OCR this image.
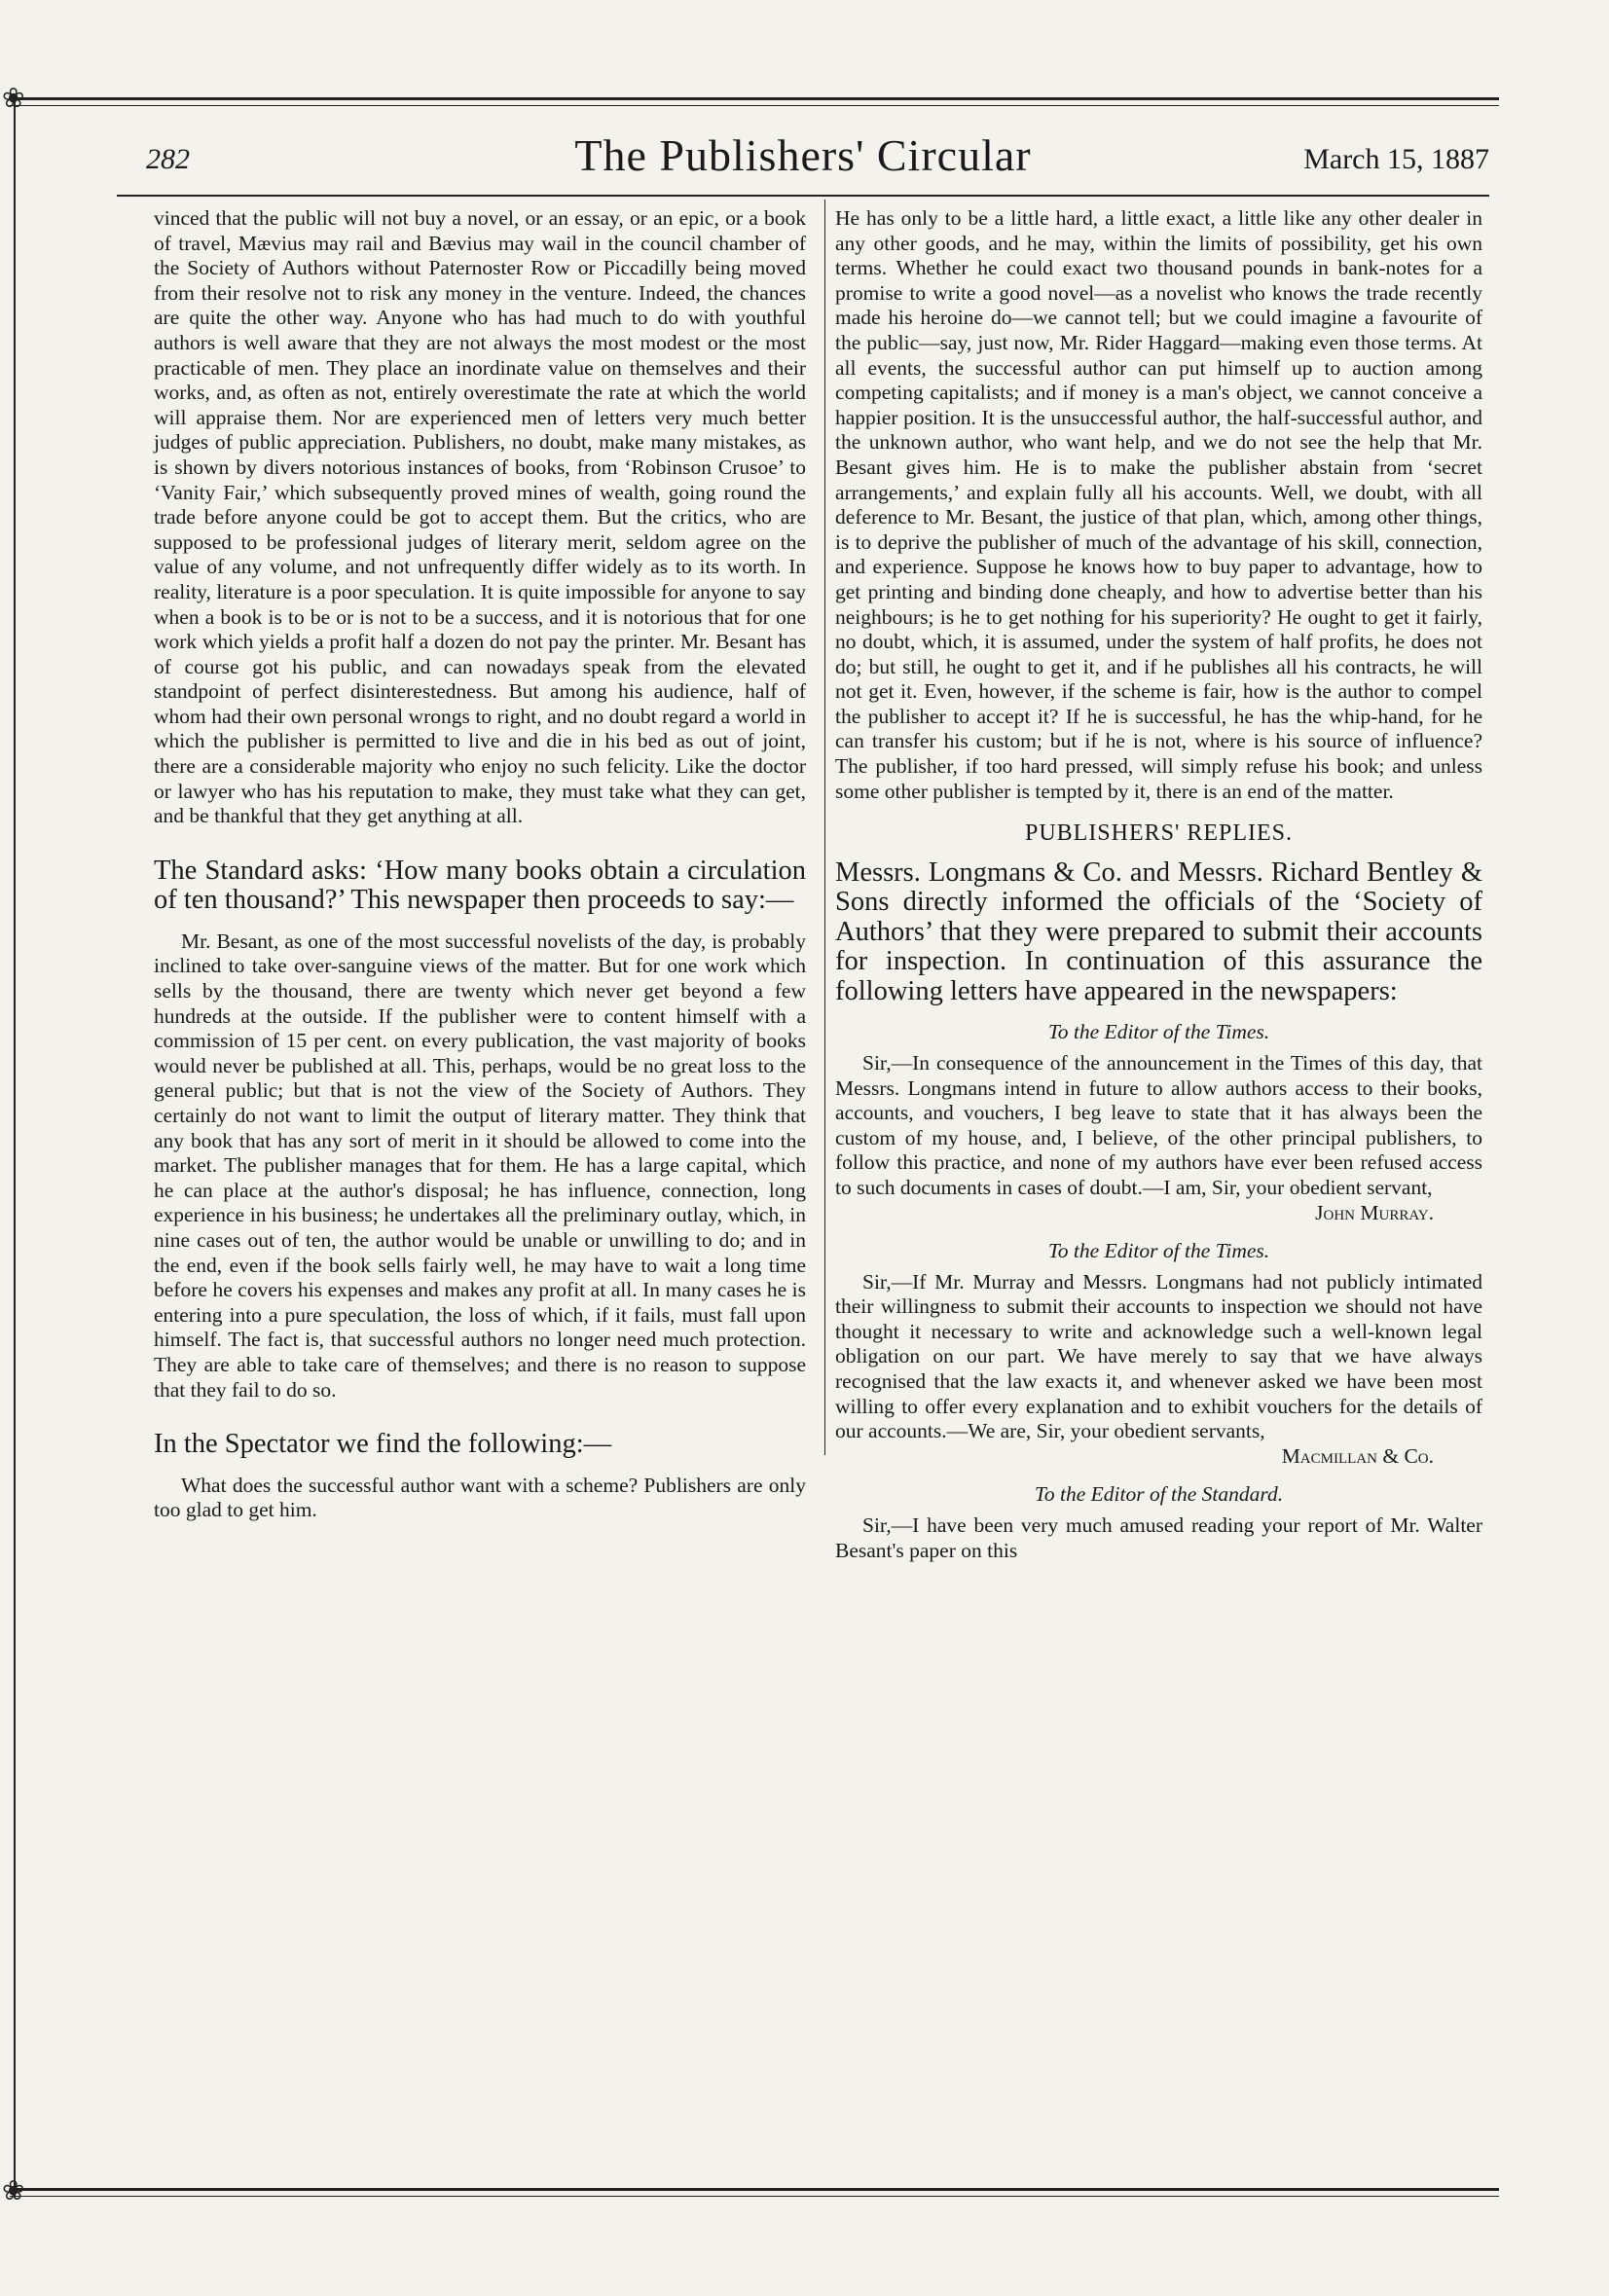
❀
❀
282	The Publishers' Circular	March 15, 1887

vinced that the public will not buy a novel, or an essay, or an epic, or a book of travel, Mævius may rail and Bævius may wail in the council chamber of the Society of Authors without Paternoster Row or Piccadilly being moved from their resolve not to risk any money in the venture. Indeed, the chances are quite the other way. Anyone who has had much to do with youthful authors is well aware that they are not always the most modest or the most practicable of men. They place an inordinate value on themselves and their works, and, as often as not, entirely overestimate the rate at which the world will appraise them. Nor are experienced men of letters very much better judges of public appreciation. Publishers, no doubt, make many mistakes, as is shown by divers notorious instances of books, from ‘Robinson Crusoe’ to ‘Vanity Fair,’ which subsequently proved mines of wealth, going round the trade before anyone could be got to accept them. But the critics, who are supposed to be professional judges of literary merit, seldom agree on the value of any volume, and not unfrequently differ widely as to its worth. In reality, literature is a poor speculation. It is quite impossible for anyone to say when a book is to be or is not to be a success, and it is notorious that for one work which yields a profit half a dozen do not pay the printer. Mr. Besant has of course got his public, and can nowadays speak from the elevated standpoint of perfect disinterestedness. But among his audience, half of whom had their own personal wrongs to right, and no doubt regard a world in which the publisher is permitted to live and die in his bed as out of joint, there are a considerable majority who enjoy no such felicity. Like the doctor or lawyer who has his reputation to make, they must take what they can get, and be thankful that they get anything at all.

The Standard asks: ‘How many books obtain a circulation of ten thousand?’ This newspaper then proceeds to say:—

Mr. Besant, as one of the most successful novelists of the day, is probably inclined to take over-sanguine views of the matter. But for one work which sells by the thousand, there are twenty which never get beyond a few hundreds at the outside. If the publisher were to content himself with a commission of 15 per cent. on every publication, the vast majority of books would never be published at all. This, perhaps, would be no great loss to the general public; but that is not the view of the Society of Authors. They certainly do not want to limit the output of literary matter. They think that any book that has any sort of merit in it should be allowed to come into the market. The publisher manages that for them. He has a large capital, which he can place at the author's disposal; he has influence, connection, long experience in his business; he undertakes all the preliminary outlay, which, in nine cases out of ten, the author would be unable or unwilling to do; and in the end, even if the book sells fairly well, he may have to wait a long time before he covers his expenses and makes any profit at all. In many cases he is entering into a pure speculation, the loss of which, if it fails, must fall upon himself. The fact is, that successful authors no longer need much protection. They are able to take care of themselves; and there is no reason to suppose that they fail to do so.

In the Spectator we find the following:—

What does the successful author want with a scheme? Publishers are only too glad to get him.

He has only to be a little hard, a little exact, a little like any other dealer in any other goods, and he may, within the limits of possibility, get his own terms. Whether he could exact two thousand pounds in bank-notes for a promise to write a good novel—as a novelist who knows the trade recently made his heroine do—we cannot tell; but we could imagine a favourite of the public—say, just now, Mr. Rider Haggard—making even those terms. At all events, the successful author can put himself up to auction among competing capitalists; and if money is a man's object, we cannot conceive a happier position. It is the unsuccessful author, the half-successful author, and the unknown author, who want help, and we do not see the help that Mr. Besant gives him. He is to make the publisher abstain from ‘secret arrangements,’ and explain fully all his accounts. Well, we doubt, with all deference to Mr. Besant, the justice of that plan, which, among other things, is to deprive the publisher of much of the advantage of his skill, connection, and experience. Suppose he knows how to buy paper to advantage, how to get printing and binding done cheaply, and how to advertise better than his neighbours; is he to get nothing for his superiority? He ought to get it fairly, no doubt, which, it is assumed, under the system of half profits, he does not do; but still, he ought to get it, and if he publishes all his contracts, he will not get it. Even, however, if the scheme is fair, how is the author to compel the publisher to accept it? If he is successful, he has the whip-hand, for he can transfer his custom; but if he is not, where is his source of influence? The publisher, if too hard pressed, will simply refuse his book; and unless some other publisher is tempted by it, there is an end of the matter.

PUBLISHERS' REPLIES.

Messrs. Longmans & Co. and Messrs. Richard Bentley & Sons directly informed the officials of the ‘Society of Authors’ that they were prepared to submit their accounts for inspection. In continuation of this assurance the following letters have appeared in the newspapers:

To the Editor of the Times.

Sir,—In consequence of the announcement in the Times of this day, that Messrs. Longmans intend in future to allow authors access to their books, accounts, and vouchers, I beg leave to state that it has always been the custom of my house, and, I believe, of the other principal publishers, to follow this practice, and none of my authors have ever been refused access to such documents in cases of doubt.—I am, Sir, your obedient servant,

John Murray.

To the Editor of the Times.

Sir,—If Mr. Murray and Messrs. Longmans had not publicly intimated their willingness to submit their accounts to inspection we should not have thought it necessary to write and acknowledge such a well-known legal obligation on our part. We have merely to say that we have always recognised that the law exacts it, and whenever asked we have been most willing to offer every explanation and to exhibit vouchers for the details of our accounts.—We are, Sir, your obedient servants,

Macmillan & Co.

To the Editor of the Standard.

Sir,—I have been very much amused reading your report of Mr. Walter Besant's paper on this
